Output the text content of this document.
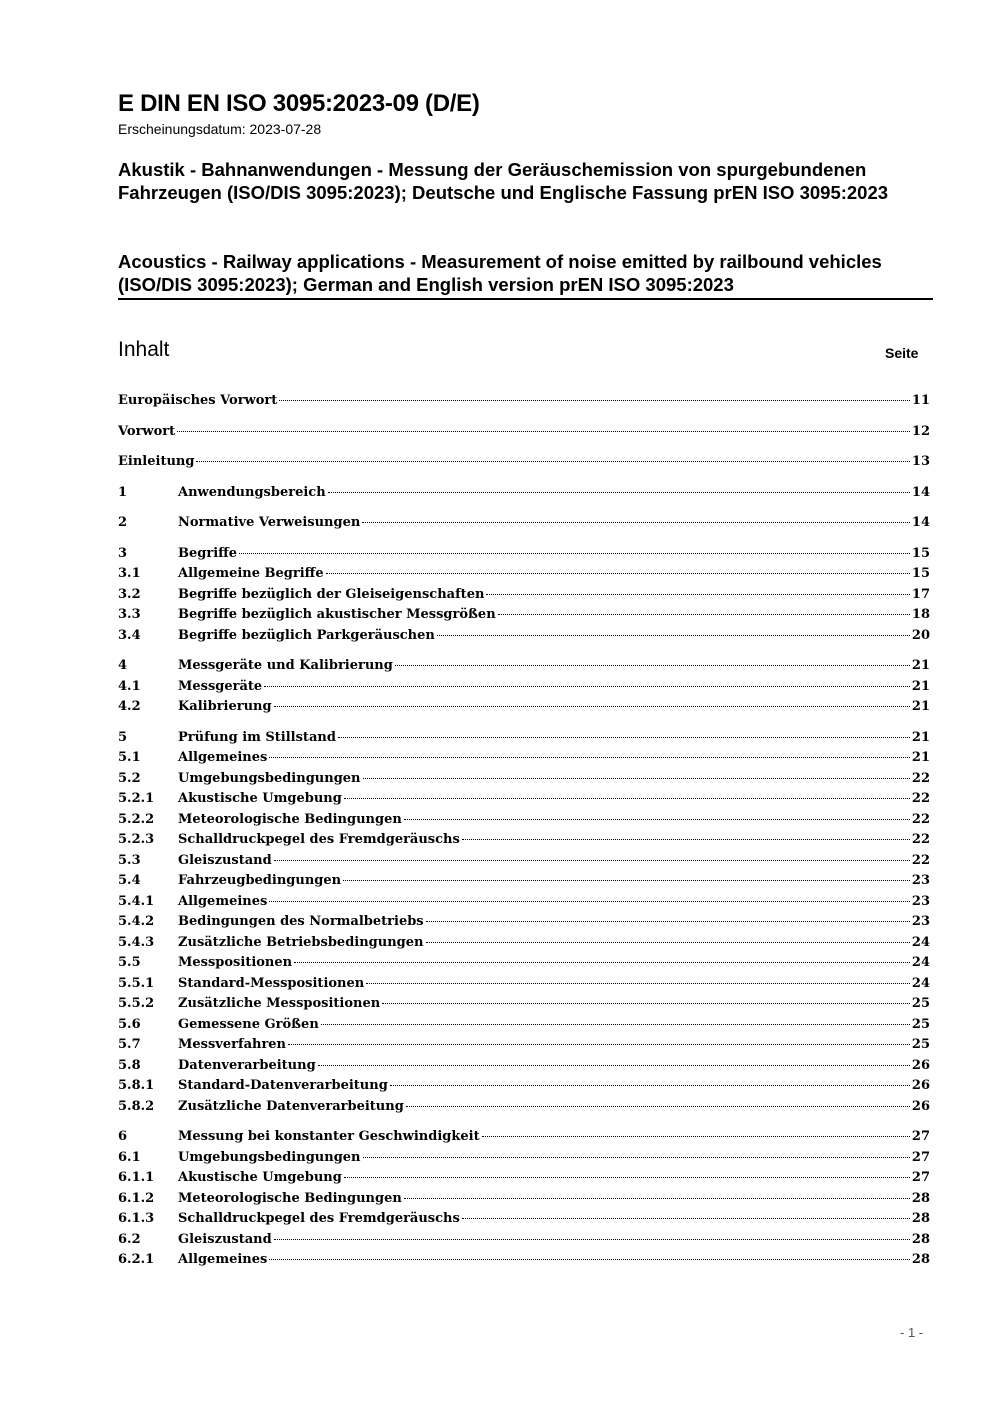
E DIN EN ISO 3095:2023-09 (D/E)

Erscheinungsdatum: 2023-07-28

Akustik - Bahnanwendungen - Messung der Geräuschemission von spurgebundenen Fahrzeugen (ISO/DIS 3095:2023); Deutsche und Englische Fassung prEN ISO 3095:2023
Acoustics - Railway applications - Measurement of noise emitted by railbound vehicles (ISO/DIS 3095:2023); German and English version prEN ISO 3095:2023
Inhalt	Seite
Europäisches Vorwort	11
Vorwort	12
Einleitung	13
1	Anwendungsbereich	14
2	Normative Verweisungen	14
3	Begriffe	15
3.1	Allgemeine Begriffe	15
3.2	Begriffe bezüglich der Gleiseigenschaften	17
3.3	Begriffe bezüglich akustischer Messgrößen	18
3.4	Begriffe bezüglich Parkgeräuschen	20
4	Messgeräte und Kalibrierung	21
4.1	Messgeräte	21
4.2	Kalibrierung	21
5	Prüfung im Stillstand	21
5.1	Allgemeines	21
5.2	Umgebungsbedingungen	22
5.2.1	Akustische Umgebung	22
5.2.2	Meteorologische Bedingungen	22
5.2.3	Schalldruckpegel des Fremdgeräuschs	22
5.3	Gleiszustand	22
5.4	Fahrzeugbedingungen	23
5.4.1	Allgemeines	23
5.4.2	Bedingungen des Normalbetriebs	23
5.4.3	Zusätzliche Betriebsbedingungen	24
5.5	Messpositionen	24
5.5.1	Standard-Messpositionen	24
5.5.2	Zusätzliche Messpositionen	25
5.6	Gemessene Größen	25
5.7	Messverfahren	25
5.8	Datenverarbeitung	26
5.8.1	Standard-Datenverarbeitung	26
5.8.2	Zusätzliche Datenverarbeitung	26
6	Messung bei konstanter Geschwindigkeit	27
6.1	Umgebungsbedingungen	27
6.1.1	Akustische Umgebung	27
6.1.2	Meteorologische Bedingungen	28
6.1.3	Schalldruckpegel des Fremdgeräuschs	28
6.2	Gleiszustand	28
6.2.1	Allgemeines	28

- 1 -
